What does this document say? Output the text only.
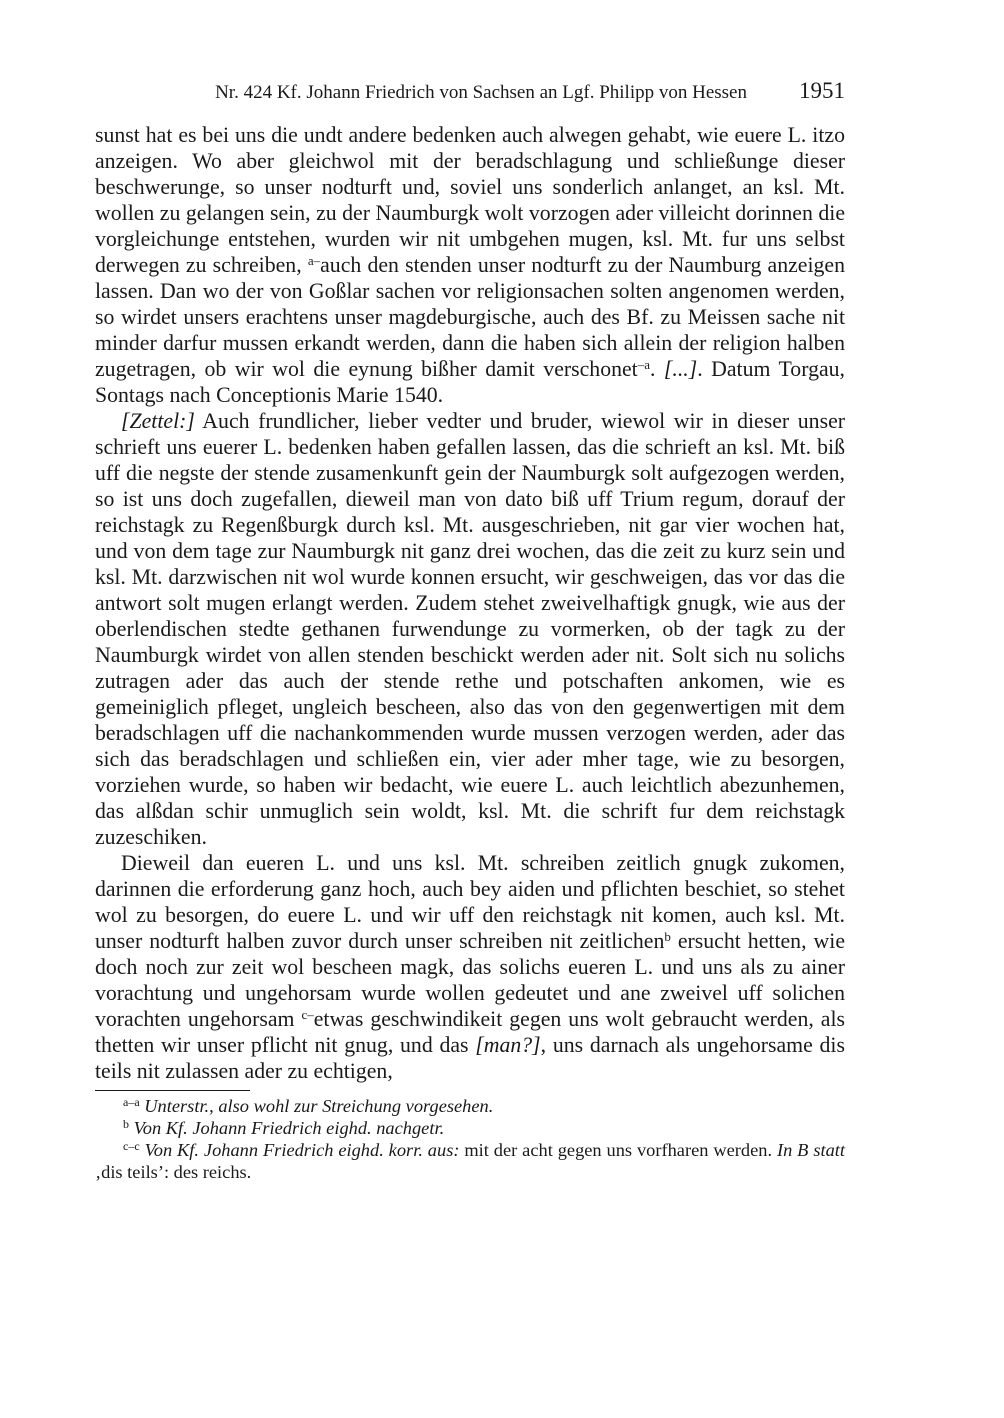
Nr. 424 Kf. Johann Friedrich von Sachsen an Lgf. Philipp von Hessen 1951

sunst hat es bei uns die undt andere bedenken auch alwegen gehabt, wie euere L. itzo anzeigen. Wo aber gleichwol mit der beradschlagung und schließunge dieser beschwerunge, so unser nodturft und, soviel uns sonderlich anlanget, an ksl. Mt. wollen zu gelangen sein, zu der Naumburgk wolt vorzogen ader villeicht dorinnen die vorgleichunge entstehen, wurden wir nit umbgehen mugen, ksl. Mt. fur uns selbst derwegen zu schreiben, $^{a-}$auch den stenden unser nodturft zu der Naumburg anzeigen lassen. Dan wo der von Goßlar sachen vor religionsachen solten angenomen werden, so wirdet unsers erachtens unser magdeburgische, auch des Bf. zu Meissen sache nit minder darfur mussen erkandt werden, dann die haben sich allein der religion halben zugetragen, ob wir wol die eynung bißher damit verschonet$^{-a}$. [...]. Datum Torgau, Sontags nach Conceptionis Marie 1540.

[Zettel:] Auch frundlicher, lieber vedter und bruder, wiewol wir in dieser unser schrieft uns euerer L. bedenken haben gefallen lassen, das die schrieft an ksl. Mt. biß uff die negste der stende zusamenkunft gein der Naumburgk solt aufgezogen werden, so ist uns doch zugefallen, dieweil man von dato biß uff Trium regum, dorauf der reichstagk zu Regenßburgk durch ksl. Mt. ausgeschrieben, nit gar vier wochen hat, und von dem tage zur Naumburgk nit ganz drei wochen, das die zeit zu kurz sein und ksl. Mt. darzwischen nit wol wurde konnen ersucht, wir geschweigen, das vor das die antwort solt mugen erlangt werden. Zudem stehet zweivelhaftigk gnugk, wie aus der oberlendischen stedte gethanen furwendunge zu vormerken, ob der tagk zu der Naumburgk wirdet von allen stenden beschickt werden ader nit. Solt sich nu solichs zutragen ader das auch der stende rethe und potschaften ankomen, wie es gemeiniglich pfleget, ungleich bescheen, also das von den gegenwertigen mit dem beradschlagen uff die nachankommenden wurde mussen verzogen werden, ader das sich das beradschlagen und schließen ein, vier ader mher tage, wie zu besorgen, vorziehen wurde, so haben wir bedacht, wie euere L. auch leichtlich abezunhemen, das alßdan schir unmuglich sein woldt, ksl. Mt. die schrift fur dem reichstagk zuzeschiken.

Dieweil dan eueren L. und uns ksl. Mt. schreiben zeitlich gnugk zukomen, darinnen die erforderung ganz hoch, auch bey aiden und pflichten beschiet, so stehet wol zu besorgen, do euere L. und wir uff den reichstagk nit komen, auch ksl. Mt. unser nodturft halben zuvor durch unser schreiben nit zeitlichen$^b$ ersucht hetten, wie doch noch zur zeit wol bescheen magk, das solichs eueren L. und uns als zu ainer vorachtung und ungehorsam wurde wollen gedeutet und ane zweivel uff solichen vorachten ungehorsam $^{c-}$etwas geschwindikeit gegen uns wolt gebraucht werden, als thetten wir unser pflicht nit gnug, und das [man?], uns darnach als ungehorsame dis teils nit zulassen ader zu echtigen,

$^{a-a}$ Unterstr., also wohl zur Streichung vorgesehen.

$^b$ Von Kf. Johann Friedrich eighd. nachgetr.

$^{c-c}$ Von Kf. Johann Friedrich eighd. korr. aus: mit der acht gegen uns vorfharen werden. In B statt ‚dis teils’: des reichs.
